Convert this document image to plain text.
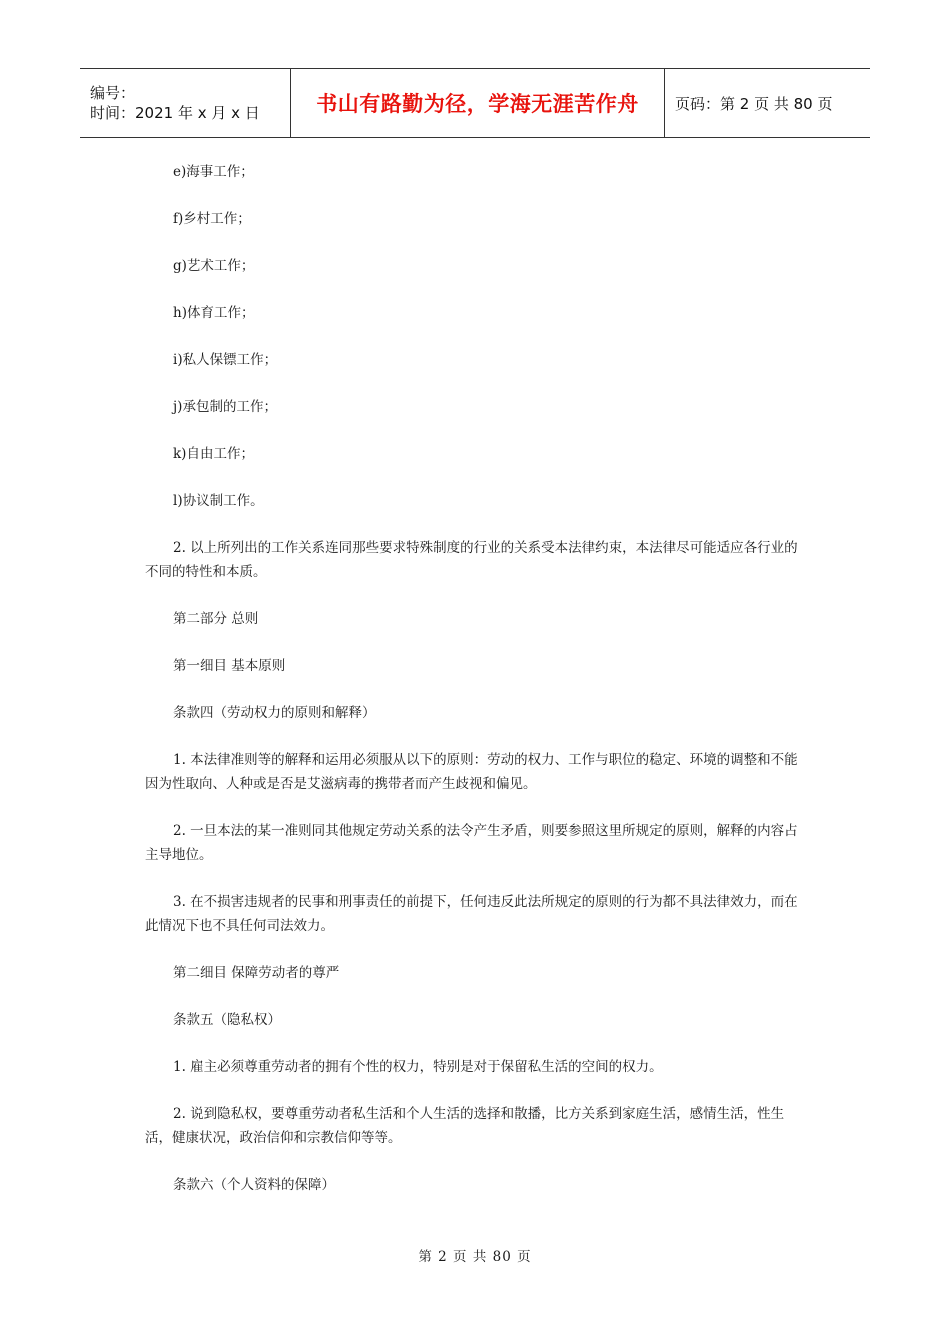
编号：
时间：2021 年 x 月 x 日	书山有路勤为径，学海无涯苦作舟	页码：第 2 页 共 80 页

e)海事工作；

f)乡村工作；

g)艺术工作；

h)体育工作；

i)私人保镖工作；

j)承包制的工作；

k)自由工作；

l)协议制工作。

2. 以上所列出的工作关系连同那些要求特殊制度的行业的关系受本法律约束，本法律尽可能适应各行业的不同的特性和本质。

第二部分 总则

第一细目 基本原则

条款四（劳动权力的原则和解释）

1. 本法律准则等的解释和运用必须服从以下的原则：劳动的权力、工作与职位的稳定、环境的调整和不能因为性取向、人种或是否是艾滋病毒的携带者而产生歧视和偏见。

2. 一旦本法的某一准则同其他规定劳动关系的法令产生矛盾，则要参照这里所规定的原则，解释的内容占主导地位。

3. 在不损害违规者的民事和刑事责任的前提下，任何违反此法所规定的原则的行为都不具法律效力，而在此情况下也不具任何司法效力。

第二细目 保障劳动者的尊严

条款五（隐私权）

1. 雇主必须尊重劳动者的拥有个性的权力，特别是对于保留私生活的空间的权力。

2. 说到隐私权，要尊重劳动者私生活和个人生活的选择和散播，比方关系到家庭生活，感情生活，性生活，健康状况，政治信仰和宗教信仰等等。

条款六（个人资料的保障）

第 2 页 共 80 页
